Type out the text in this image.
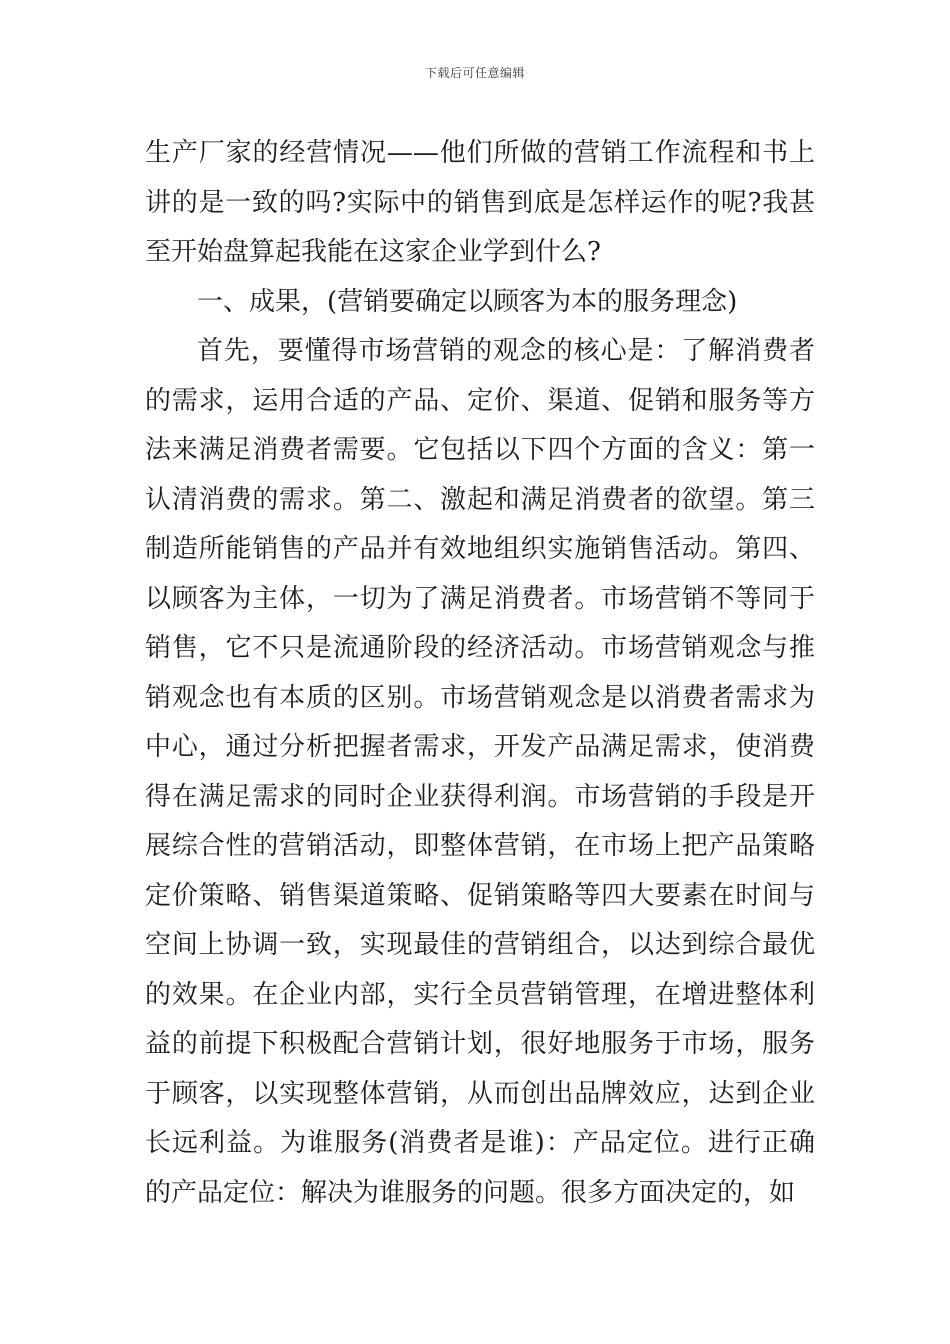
下载后可任意编辑

生产厂家的经营情况——他们所做的营销工作流程和书上讲的是一致的吗?实际中的销售到底是怎样运作的呢?我甚至开始盘算起我能在这家企业学到什么?

一、成果，(营销要确定以顾客为本的服务理念)

首先，要懂得市场营销的观念的核心是：了解消费者的需求，运用合适的产品、定价、渠道、促销和服务等方法来满足消费者需要。它包括以下四个方面的含义：第一认清消费的需求。第二、激起和满足消费者的欲望。第三制造所能销售的产品并有效地组织实施销售活动。第四、以顾客为主体，一切为了满足消费者。市场营销不等同于销售，它不只是流通阶段的经济活动。市场营销观念与推销观念也有本质的区别。市场营销观念是以消费者需求为中心，通过分析把握者需求，开发产品满足需求，使消费得在满足需求的同时企业获得利润。市场营销的手段是开展综合性的营销活动，即整体营销，在市场上把产品策略定价策略、销售渠道策略、促销策略等四大要素在时间与空间上协调一致，实现最佳的营销组合，以达到综合最优的效果。在企业内部，实行全员营销管理，在增进整体利益的前提下积极配合营销计划，很好地服务于市场，服务于顾客，以实现整体营销，从而创出品牌效应，达到企业长远利益。为谁服务(消费者是谁)：产品定位。进行正确的产品定位：解决为谁服务的问题。很多方面决定的，如
